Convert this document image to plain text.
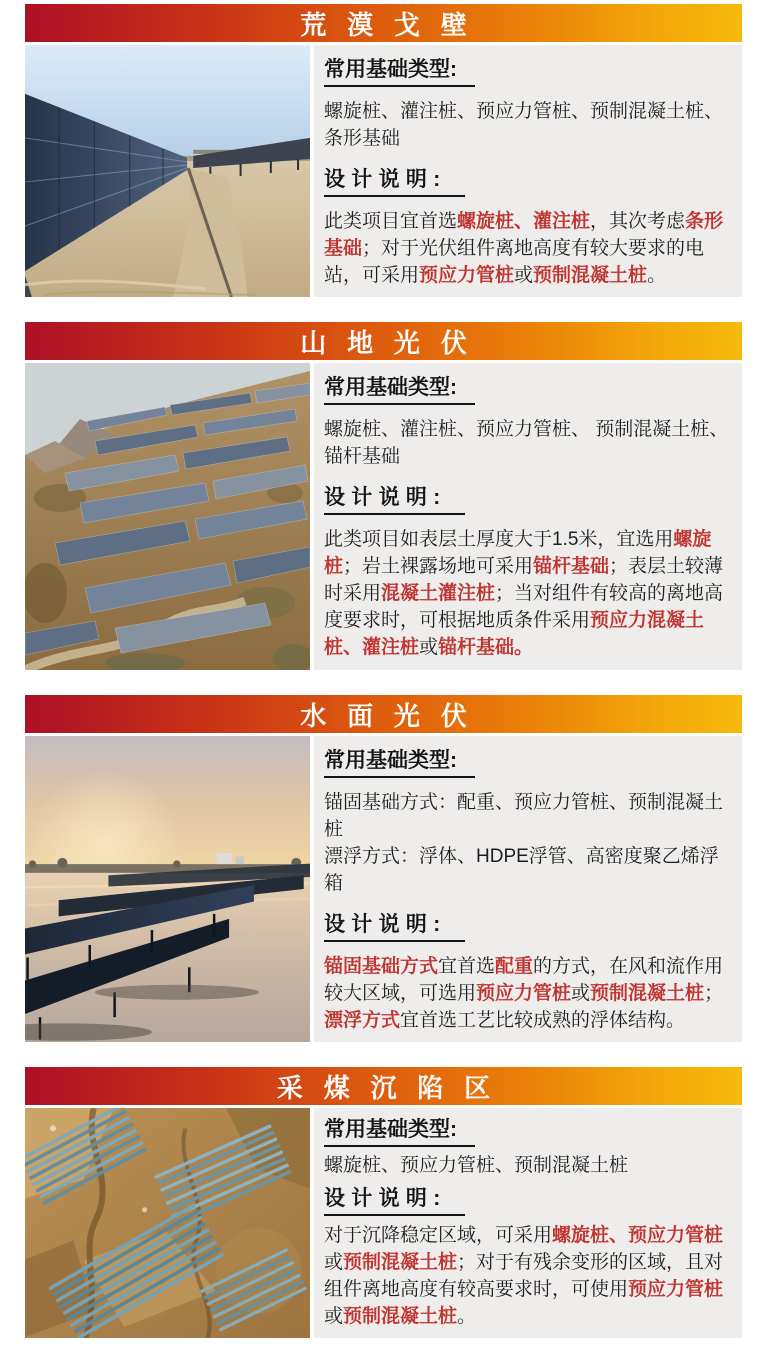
荒漠戈壁
常用基础类型:

螺旋桩、灌注桩、预应力管桩、预制混凝土桩、条形基础

设计说明:

此类项目宜首选螺旋桩、灌注桩，其次考虑条形基础；对于光伏组件离地高度有较大要求的电站，可采用预应力管桩或预制混凝土桩。

山地光伏
常用基础类型:

螺旋桩、灌注桩、预应力管桩、 预制混凝土桩、锚杆基础

设计说明:

此类项目如表层土厚度大于1.5米，宜选用螺旋桩；岩土裸露场地可采用锚杆基础；表层土较薄时采用混凝土灌注桩；当对组件有较高的离地高度要求时，可根据地质条件采用预应力混凝土桩、灌注桩或锚杆基础。

水面光伏
常用基础类型:

锚固基础方式：配重、预应力管桩、预制混凝土桩
漂浮方式：浮体、HDPE浮管、高密度聚乙烯浮箱

设计说明:

锚固基础方式宜首选配重的方式，在风和流作用较大区域，可选用预应力管桩或预制混凝土桩；
漂浮方式宜首选工艺比较成熟的浮体结构。

采煤沉陷区
常用基础类型:

螺旋桩、预应力管桩、预制混凝土桩

设计说明:

对于沉降稳定区域，可采用螺旋桩、预应力管桩或预制混凝土桩；对于有残余变形的区域，且对组件离地高度有较高要求时，可使用预应力管桩或预制混凝土桩。
